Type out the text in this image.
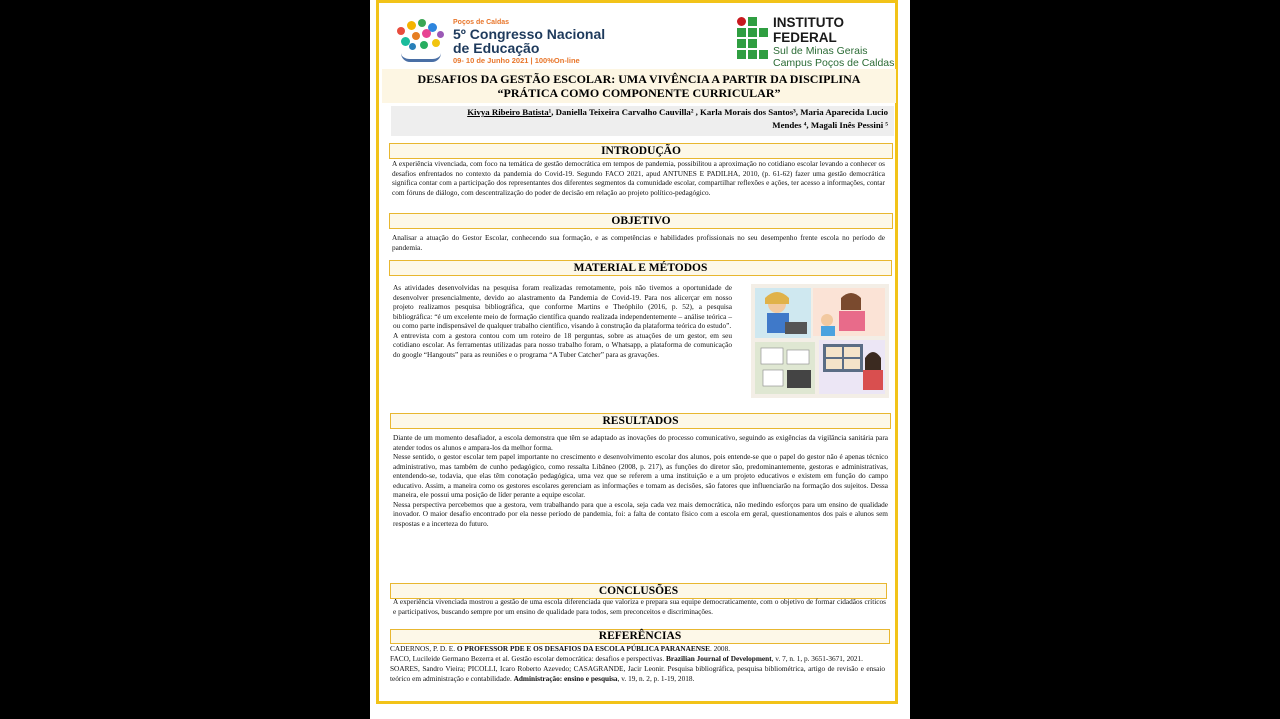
Poços de Caldas
5º Congresso Nacional
de Educação
09- 10 de Junho 2021 | 100%On-line
INSTITUTO FEDERAL
Sul de Minas Gerais
Campus Poços de Caldas
DESAFIOS DA GESTÃO ESCOLAR: UMA VIVÊNCIA A PARTIR DA DISCIPLINA
“PRÁTICA COMO COMPONENTE CURRICULAR”
Kivya Ribeiro Batista¹, Daniella Teixeira Carvalho Cauvilla² , Karla Morais dos Santos³, Maria Aparecida Lucio
Mendes ⁴, Magali Inês Pessini ⁵
INTRODUÇÃO
A experiência vivenciada, com foco na temática de gestão democrática em tempos de pandemia, possibilitou a aproximação no cotidiano escolar levando a conhecer os desafios enfrentados no contexto da pandemia do Covid-19. Segundo FACO 2021, apud ANTUNES E PADILHA, 2010, (p. 61-62) fazer uma gestão democrática significa contar com a participação dos representantes dos diferentes segmentos da comunidade escolar, compartilhar reflexões e ações, ter acesso a informações, contar com fóruns de diálogo, com descentralização do poder de decisão em relação ao projeto político-pedagógico.
OBJETIVO
Analisar a atuação do Gestor Escolar, conhecendo sua formação, e as competências e habilidades profissionais no seu desempenho frente escola no período de pandemia.
MATERIAL E MÉTODOS

As atividades desenvolvidas na pesquisa foram realizadas remotamente, pois não tivemos a oportunidade de desenvolver presencialmente, devido ao alastramento da Pandemia de Covid-19. Para nos alicerçar em nosso projeto realizamos pesquisa bibliográfica, que conforme Martins e Theóphilo (2016, p. 52), a pesquisa bibliográfica: “é um excelente meio de formação científica quando realizada independentemente – análise teórica – ou como parte indispensável de qualquer trabalho científico, visando à construção da plataforma teórica do estudo”.

A entrevista com a gestora contou com um roteiro de 18 perguntas, sobre as atuações de um gestor, em seu cotidiano escolar. As ferramentas utilizadas para nosso trabalho foram, o Whatsapp, a plataforma de comunicação do google “Hangouts” para as reuniões e o programa “A Tuber Catcher” para as gravações.

RESULTADOS

Diante de um momento desafiador, a escola demonstra que têm se adaptado as inovações do processo comunicativo, seguindo as exigências da vigilância sanitária para atender todos os alunos e ampara-los da melhor forma.

Nesse sentido, o gestor escolar tem papel importante no crescimento e desenvolvimento escolar dos alunos, pois entende-se que o papel do gestor não é apenas técnico administrativo, mas também de cunho pedagógico, como ressalta Libâneo (2008, p. 217), as funções do diretor são, predominantemente, gestoras e administrativas, entendendo-se, todavia, que elas têm conotação pedagógica, uma vez que se referem a uma instituição e a um projeto educativos e existem em função do campo educativo. Assim, a maneira como os gestores escolares gerenciam as informações e tomam as decisões, são fatores que influenciarão na formação dos sujeitos. Dessa maneira, ele possui uma posição de líder perante a equipe escolar.

Nessa perspectiva percebemos que a gestora, vem trabalhando para que a escola, seja cada vez mais democrática, não medindo esforços para um ensino de qualidade inovador. O maior desafio encontrado por ela nesse período de pandemia, foi: a falta de contato físico com a escola em geral, questionamentos dos pais e alunos sem respostas e a incerteza do futuro.

CONCLUSÕES
A experiência vivenciada mostrou a gestão de uma escola diferenciada que valoriza e prepara sua equipe democraticamente, com o objetivo de formar cidadãos críticos e participativos, buscando sempre por um ensino de qualidade para todos, sem preconceitos e discriminações.
REFERÊNCIAS

CADERNOS, P. D. E. O PROFESSOR PDE E OS DESAFIOS DA ESCOLA PÚBLICA PARANAENSE. 2008.

FACO, Lucileide Germano Bezerra et al. Gestão escolar democrática: desafios e perspectivas. Brazilian Journal of Development, v. 7, n. 1, p. 3651-3671, 2021.

SOARES, Sandro Vieira; PICOLLI, Icaro Roberto Azevedo; CASAGRANDE, Jacir Leonir. Pesquisa bibliográfica, pesquisa bibliométrica, artigo de revisão e ensaio teórico em administração e contabilidade. Administração: ensino e pesquisa, v. 19, n. 2, p. 1-19, 2018.
